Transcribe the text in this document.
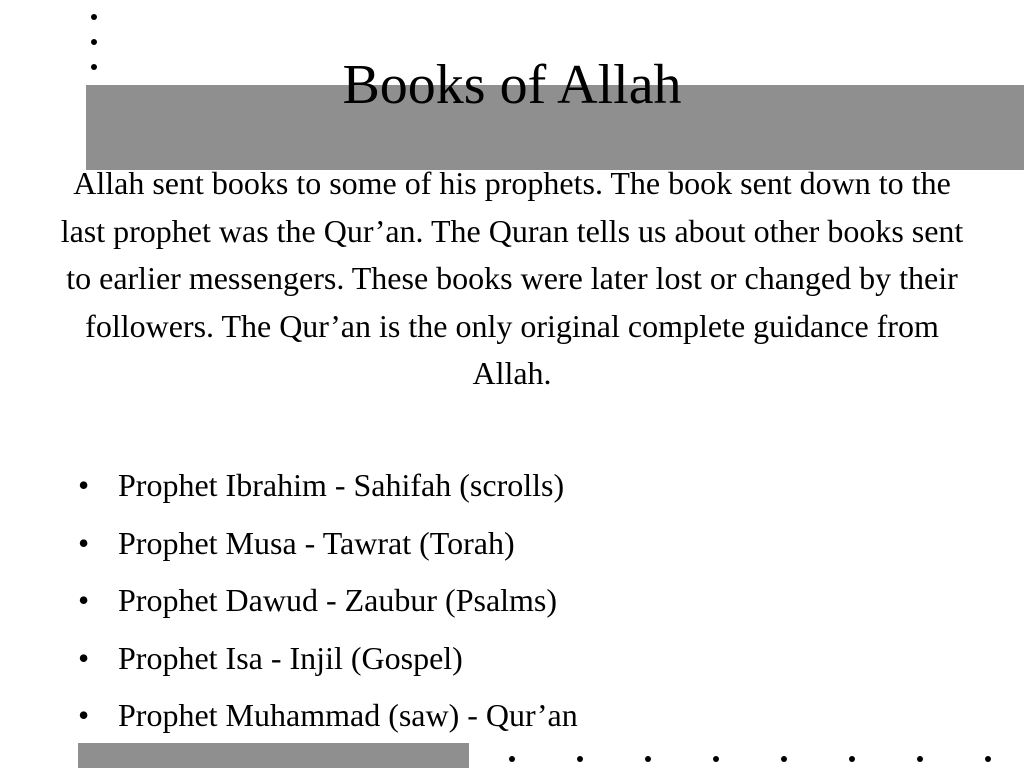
Books of Allah

Allah sent books to some of his prophets. The book sent down to the last prophet was the Qur’an. The Quran tells us about other books sent to earlier messengers. These books were later lost or changed by their followers. The Qur’an is the only original complete guidance from Allah.

• Prophet Ibrahim - Sahifah (scrolls)
• Prophet Musa - Tawrat (Torah)
• Prophet Dawud - Zaubur (Psalms)
• Prophet Isa - Injil (Gospel)
• Prophet Muhammad (saw) - Qur’an
